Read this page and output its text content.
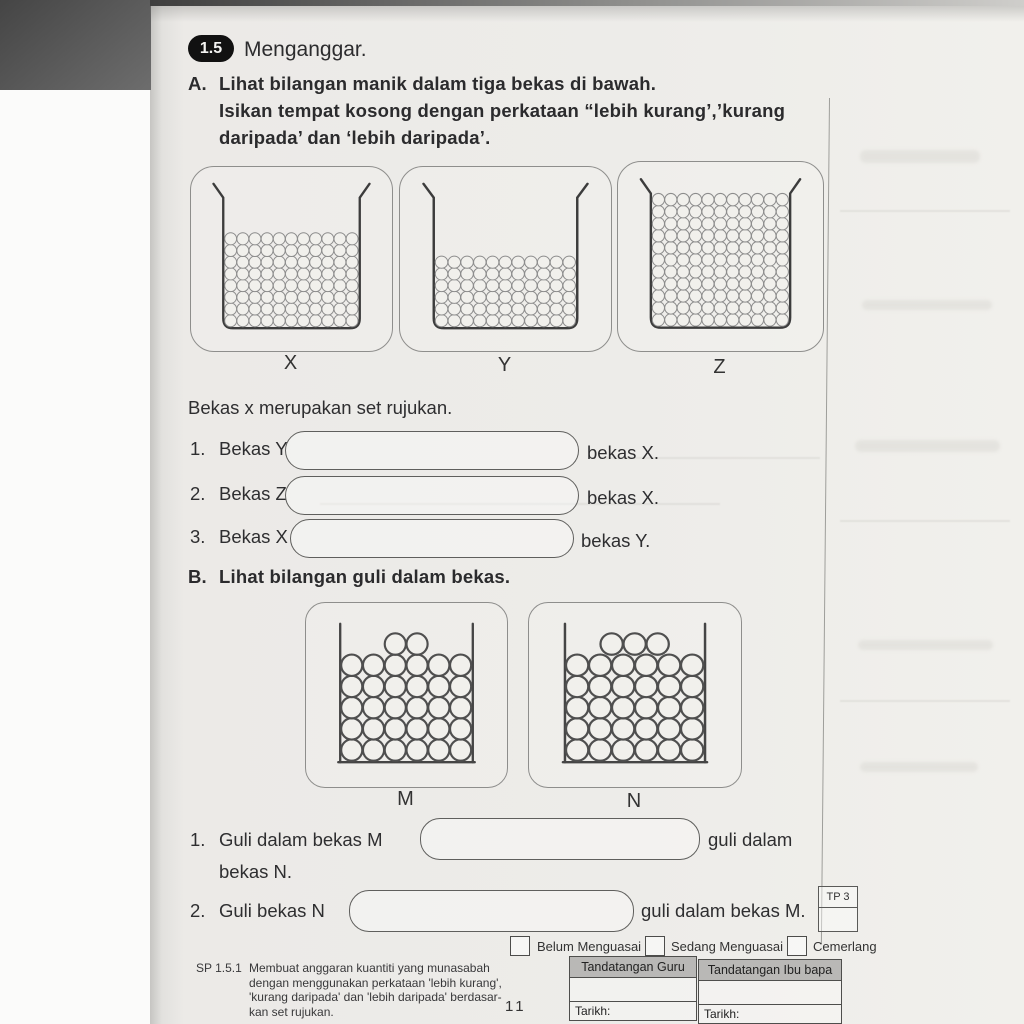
1.5	Menganggar.
A. Lihat bilangan manik dalam tiga bekas di bawah.
Isikan tempat kosong dengan perkataan “lebih kurang’,’kurang
daripada’ dan ‘lebih daripada’.
X	Y	Z
Bekas x merupakan set rujukan.
1. Bekas Y	bekas X.
2. Bekas Z	bekas X.
3. Bekas X	bekas Y.
B. Lihat bilangan guli dalam bekas.
M	N
1. Guli dalam bekas M	guli dalam
bekas N.
TP 3
2. Guli bekas N	guli dalam bekas M.
Belum Menguasai Sedang Menguasai Cemerlang
SP 1.5.1 Membuat anggaran kuantiti yang munasabah
dengan menggunakan perkataan 'lebih kurang',
'kurang daripada' dan 'lebih daripada' berdasar-
kan set rujukan.	11
Tandatangan Guru
Tarikh:
Tandatangan Ibu bapa
Tarikh:
